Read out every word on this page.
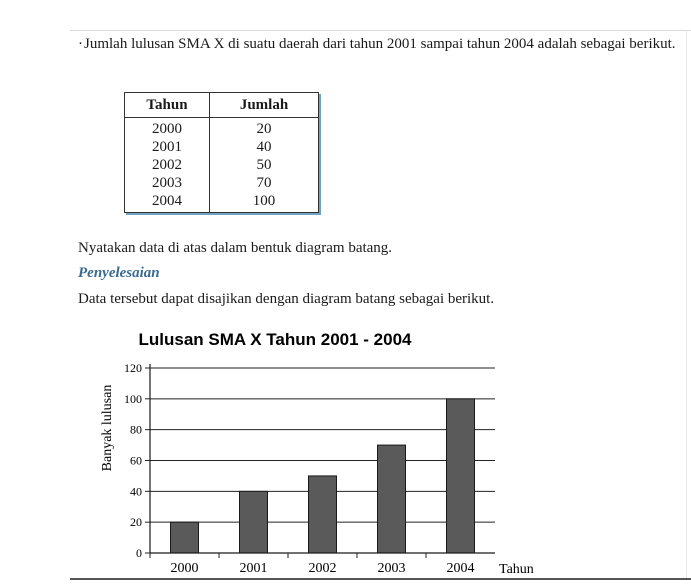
·Jumlah lulusan SMA X di suatu daerah dari tahun 2001 sampai tahun 2004 adalah sebagai berikut.
Tahun	Jumlah
2000	20
2001	40
2002	50
2003	70
2004	100
Nyatakan data di atas dalam bentuk diagram batang.
Penyelesaian
Data tersebut dapat disajikan dengan diagram batang sebagai berikut.
Lulusan SMA X Tahun 2001 - 2004
Banyak lulusan
Tahun
0
20
40
60
80
100
120
2000	2001	2002	2003	2004
